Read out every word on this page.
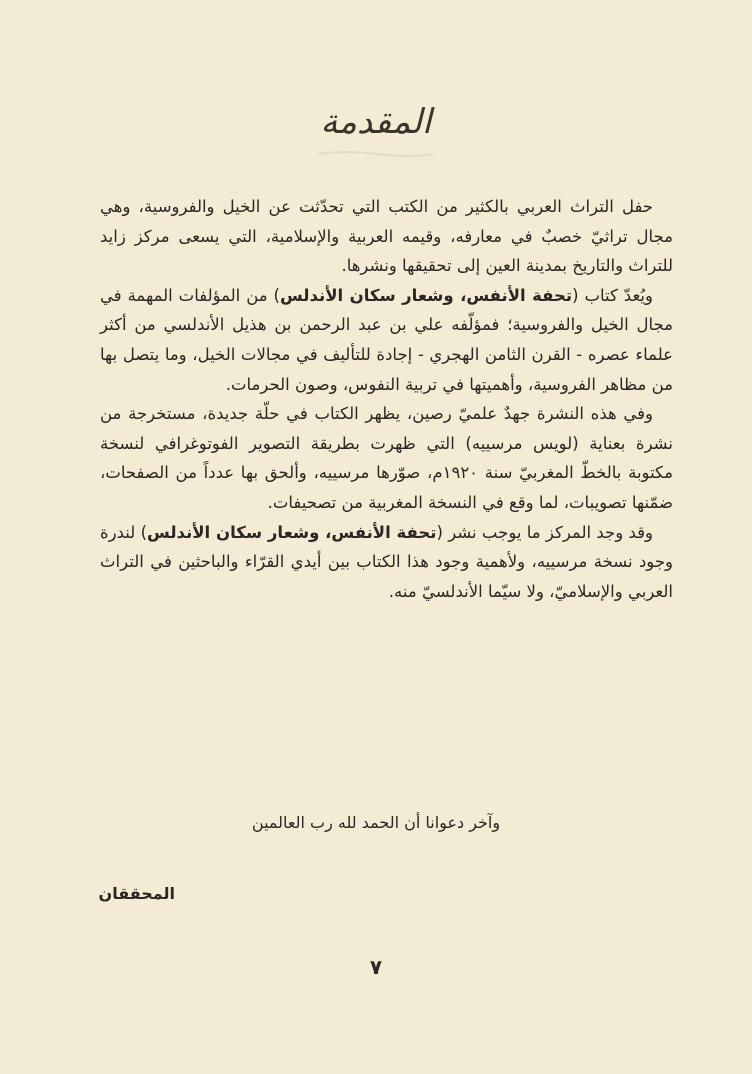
المقدمة

حفل التراث العربي بالكثير من الكتب التي تحدّثت عن الخيل والفروسية، وهي مجال تراثيّ خصبٌ في معارفه، وقيمه العربية والإسلامية، التي يسعى مركز زايد للتراث والتاريخ بمدينة العين إلى تحقيقها ونشرها.

ويُعدّ كتاب (تحفة الأنفس، وشعار سكان الأندلس) من المؤلفات المهمة في مجال الخيل والفروسية؛ فمؤلّفه علي بن عبد الرحمن بن هذيل الأندلسي من أكثر علماء عصره - القرن الثامن الهجري - إجادة للتأليف في مجالات الخيل، وما يتصل بها من مظاهر الفروسية، وأهميتها في تربية النفوس، وصون الحرمات.

وفي هذه النشرة جهدٌ علميّ رصين، يظهر الكتاب في حلّة جديدة، مستخرجة من نشرة بعناية (لويس مرسييه) التي ظهرت بطريقة التصوير الفوتوغرافي لنسخة مكتوبة بالخطّ المغربيّ سنة ١٩٢٠م، صوّرها مرسييه، وألحق بها عدداً من الصفحات، ضمّنها تصويبات، لما وقع في النسخة المغربية من تصحيفات.

وقد وجد المركز ما يوجب نشر (تحفة الأنفس، وشعار سكان الأندلس) لندرة وجود نسخة مرسييه، ولأهمية وجود هذا الكتاب بين أيدي القرّاء والباحثين في التراث العربي والإسلاميّ، ولا سيّما الأندلسيّ منه.

وآخر دعوانا أن الحمد لله رب العالمين
المحققان
٧
